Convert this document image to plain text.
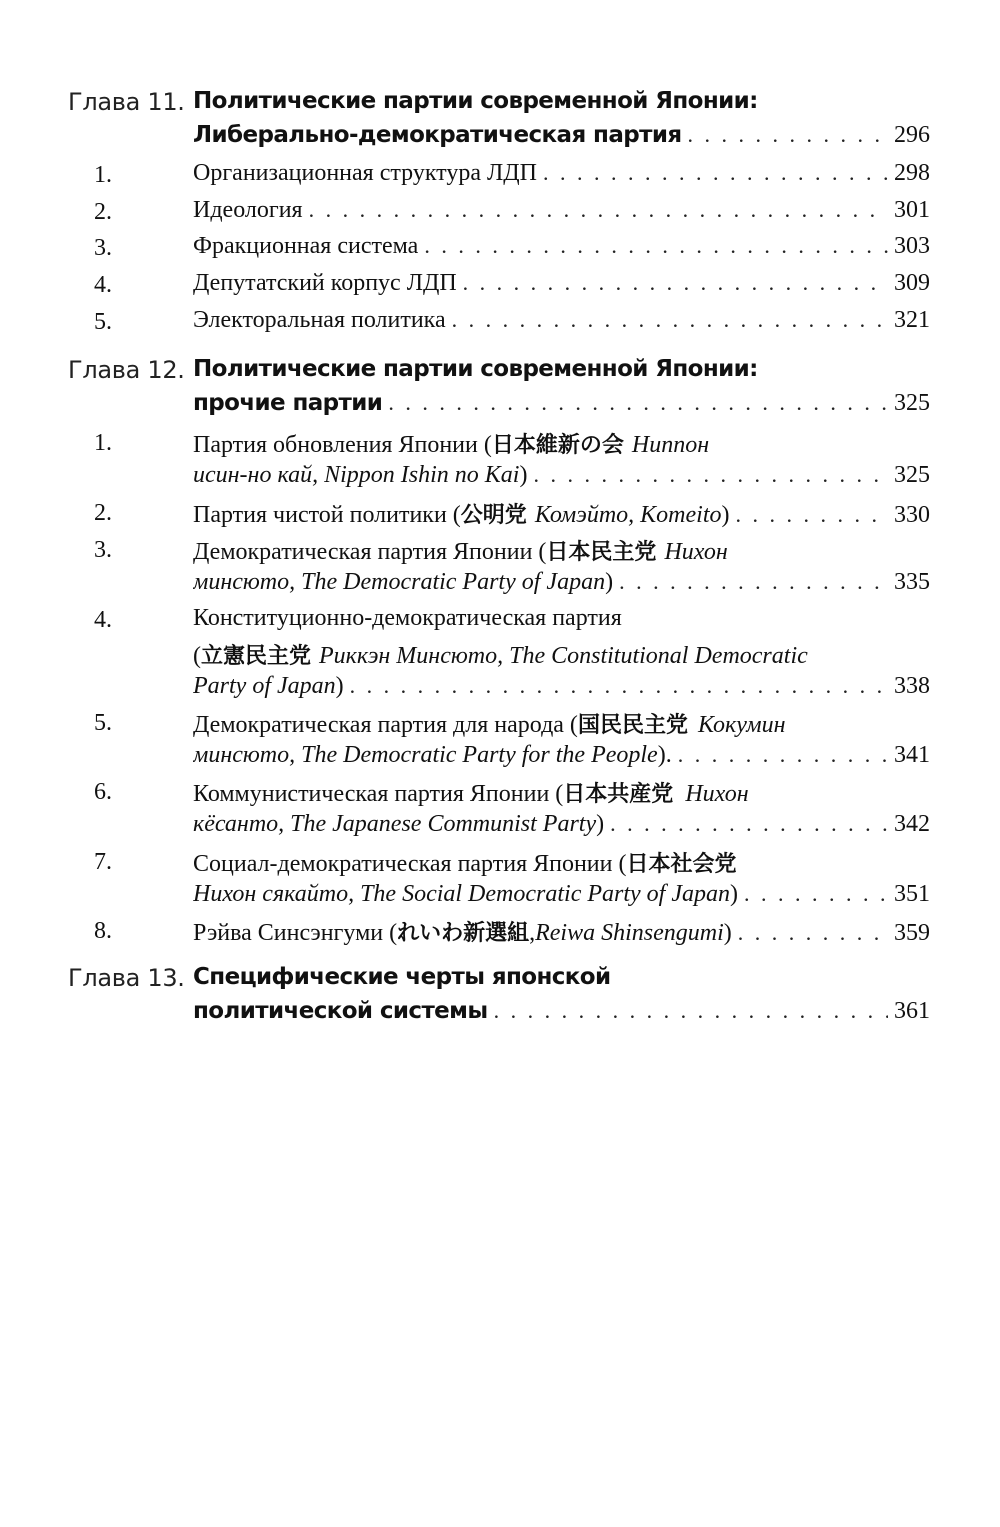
Глава 11. Политические партии современной Японии:
Либерально-демократическая партия . . .	296
1.	Организационная структура ЛДП . . .	298
2.	Идеология . . .	301
3.	Фракционная система . . .	303
4.	Депутатский корпус ЛДП . . .	309
5.	Электоральная политика . . .	321
Глава 12. Политические партии современной Японии:
прочие партии . . .	325
1.	Партия обновления Японии ( 日本維新の会 Ниппон
исин-но кай, Nippon Ishin no Kai ) . . .	325
2.	Партия чистой политики ( 公明党 Комэйто, Komeito ) . . .	330
3.	Демократическая партия Японии ( 日本民主党 Нихон
минсюто, The Democratic Party of Japan ) . . .	335
4.	Конституционно-демократическая партия
( 立憲民主党 Риккэн Минсюто, The Constitutional Democratic
Party of Japan ) . . .	338
5.	Демократическая партия для народа ( 国民民主党 Кокумин
минсюто, The Democratic Party for the People ). . . .	341
6.	Коммунистическая партия Японии ( 日本共産党 Нихон
кёсанто, The Japanese Communist Party ) . . .	342
7.	Социал-демократическая партия Японии ( 日本社会党
Нихон сякайто, The Social Democratic Party of Japan ) . . .	351
8.	Рэйва Синсэнгуми ( れいわ新選組 , Reiwa Shinsengumi ) . . .	359
Глава 13. Специфические черты японской
политической системы . . .	361
